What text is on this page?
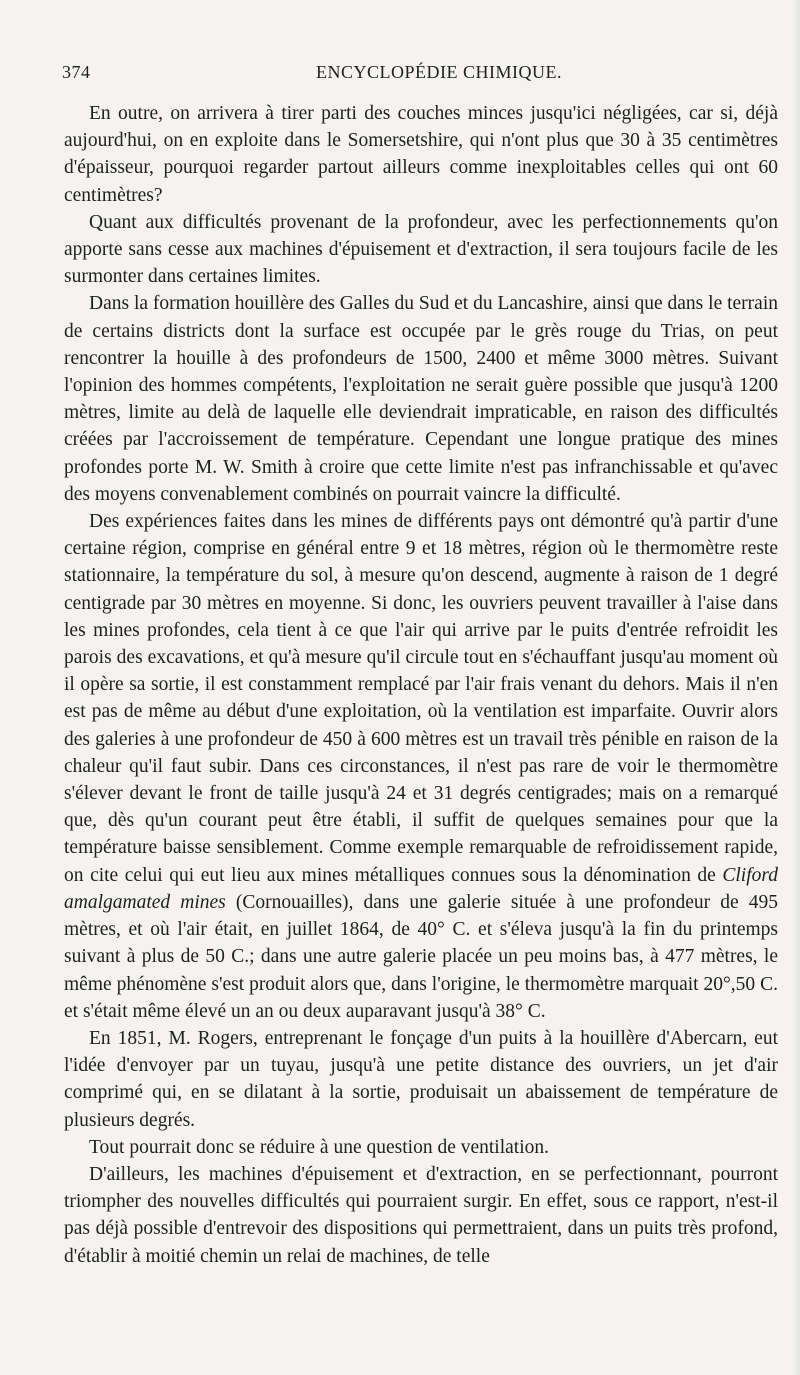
374	ENCYCLOPÉDIE CHIMIQUE.

En outre, on arrivera à tirer parti des couches minces jusqu'ici négligées, car si, déjà aujourd'hui, on en exploite dans le Somersetshire, qui n'ont plus que 30 à 35 centimètres d'épaisseur, pourquoi regarder partout ailleurs comme inexploitables celles qui ont 60 centimètres?

Quant aux difficultés provenant de la profondeur, avec les perfectionnements qu'on apporte sans cesse aux machines d'épuisement et d'extraction, il sera toujours facile de les surmonter dans certaines limites.

Dans la formation houillère des Galles du Sud et du Lancashire, ainsi que dans le terrain de certains districts dont la surface est occupée par le grès rouge du Trias, on peut rencontrer la houille à des profondeurs de 1500, 2400 et même 3000 mètres. Suivant l'opinion des hommes compétents, l'exploitation ne serait guère possible que jusqu'à 1200 mètres, limite au delà de laquelle elle deviendrait impraticable, en raison des difficultés créées par l'accroissement de température. Cependant une longue pratique des mines profondes porte M. W. Smith à croire que cette limite n'est pas infranchissable et qu'avec des moyens convenablement combinés on pourrait vaincre la difficulté.

Des expériences faites dans les mines de différents pays ont démontré qu'à partir d'une certaine région, comprise en général entre 9 et 18 mètres, région où le thermomètre reste stationnaire, la température du sol, à mesure qu'on descend, augmente à raison de 1 degré centigrade par 30 mètres en moyenne. Si donc, les ouvriers peuvent travailler à l'aise dans les mines profondes, cela tient à ce que l'air qui arrive par le puits d'entrée refroidit les parois des excavations, et qu'à mesure qu'il circule tout en s'échauffant jusqu'au moment où il opère sa sortie, il est constamment remplacé par l'air frais venant du dehors. Mais il n'en est pas de même au début d'une exploitation, où la ventilation est imparfaite. Ouvrir alors des galeries à une profondeur de 450 à 600 mètres est un travail très pénible en raison de la chaleur qu'il faut subir. Dans ces circonstances, il n'est pas rare de voir le thermomètre s'élever devant le front de taille jusqu'à 24 et 31 degrés centigrades; mais on a remarqué que, dès qu'un courant peut être établi, il suffit de quelques semaines pour que la température baisse sensiblement. Comme exemple remarquable de refroidissement rapide, on cite celui qui eut lieu aux mines métalliques connues sous la dénomination de Cliford amalgamated mines (Cornouailles), dans une galerie située à une profondeur de 495 mètres, et où l'air était, en juillet 1864, de 40° C. et s'éleva jusqu'à la fin du printemps suivant à plus de 50 C.; dans une autre galerie placée un peu moins bas, à 477 mètres, le même phénomène s'est produit alors que, dans l'origine, le thermomètre marquait 20°,50 C. et s'était même élevé un an ou deux auparavant jusqu'à 38° C.

En 1851, M. Rogers, entreprenant le fonçage d'un puits à la houillère d'Abercarn, eut l'idée d'envoyer par un tuyau, jusqu'à une petite distance des ouvriers, un jet d'air comprimé qui, en se dilatant à la sortie, produisait un abaissement de température de plusieurs degrés.

Tout pourrait donc se réduire à une question de ventilation.

D'ailleurs, les machines d'épuisement et d'extraction, en se perfectionnant, pourront triompher des nouvelles difficultés qui pourraient surgir. En effet, sous ce rapport, n'est-il pas déjà possible d'entrevoir des dispositions qui permettraient, dans un puits très profond, d'établir à moitié chemin un relai de machines, de telle
